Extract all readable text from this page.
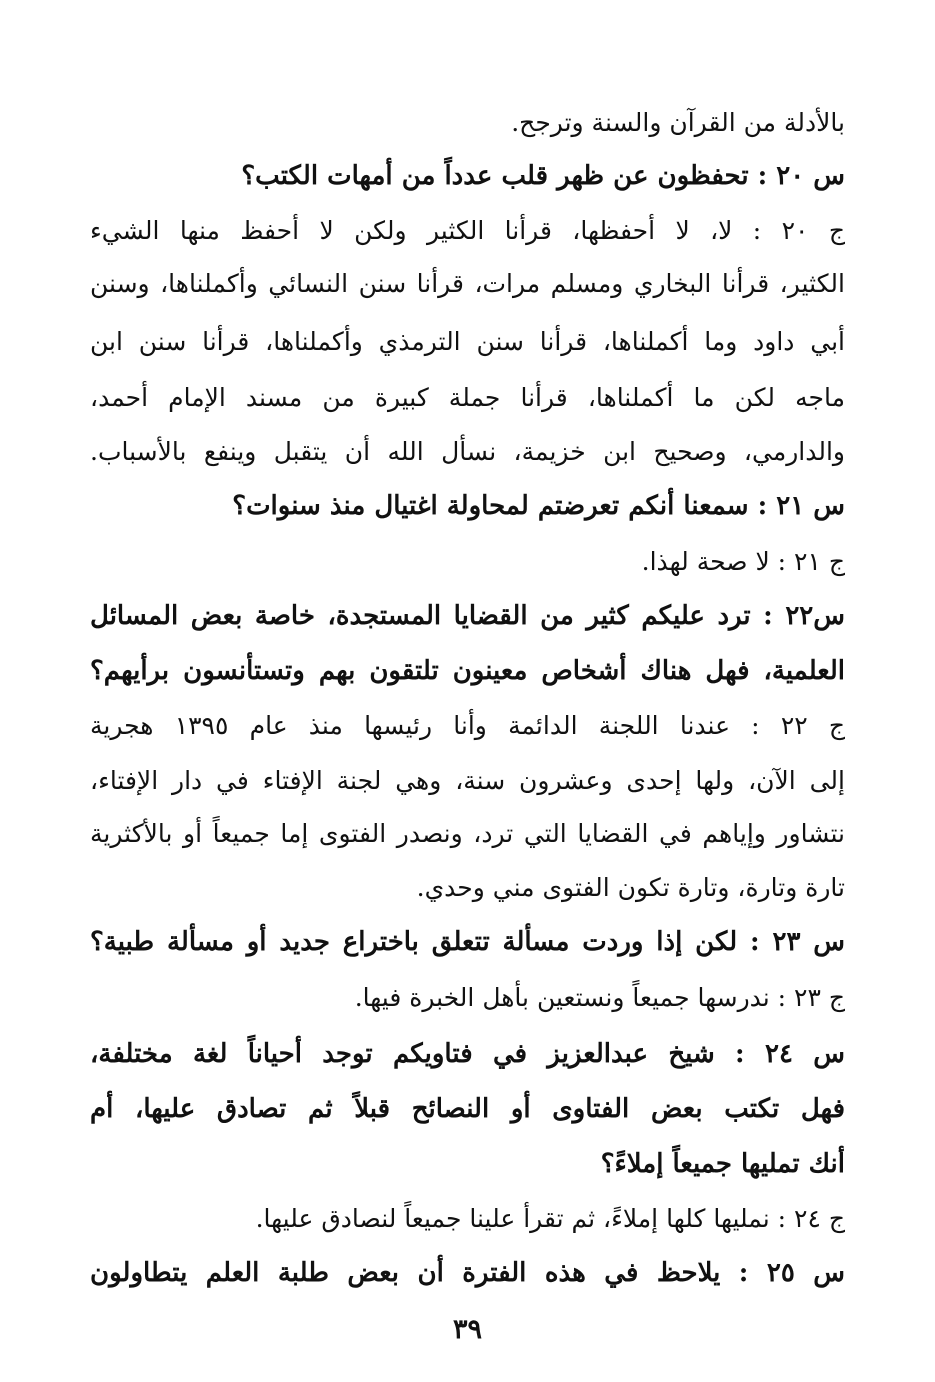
بالأدلة من القرآن والسنة وترجح.
س ٢٠ : تحفظون عن ظهر قلب عدداً من أمهات الكتب؟
ج ٢٠ : لا، لا أحفظها، قرأنا الكثير ولكن لا أحفظ منها الشيء
الكثير، قرأنا البخاري ومسلم مرات، قرأنا سنن النسائي وأكملناها، وسنن
أبي داود وما أكملناها، قرأنا سنن الترمذي وأكملناها، قرأنا سنن ابن
ماجه لكن ما أكملناها، قرأنا جملة كبيرة من مسند الإمام أحمد،
والدارمي، وصحيح ابن خزيمة، نسأل الله أن يتقبل وينفع بالأسباب.
س ٢١ : سمعنا أنكم تعرضتم لمحاولة اغتيال منذ سنوات؟
ج ٢١ : لا صحة لهذا.
س٢٢ : ترد عليكم كثير من القضايا المستجدة، خاصة بعض المسائل
العلمية، فهل هناك أشخاص معينون تلتقون بهم وتستأنسون برأيهم؟
ج ٢٢ : عندنا اللجنة الدائمة وأنا رئيسها منذ عام ١٣٩٥ هجرية
إلى الآن، ولها إحدى وعشرون سنة، وهي لجنة الإفتاء في دار الإفتاء،
نتشاور وإياهم في القضايا التي ترد، ونصدر الفتوى إما جميعاً أو بالأكثرية
تارة وتارة، وتارة تكون الفتوى مني وحدي.
س ٢٣ : لكن إذا وردت مسألة تتعلق باختراع جديد أو مسألة طبية؟
ج ٢٣ : ندرسها جميعاً ونستعين بأهل الخبرة فيها.
س ٢٤ : شيخ عبدالعزيز في فتاويكم توجد أحياناً لغة مختلفة،
فهل تكتب بعض الفتاوى أو النصائح قبلاً ثم تصادق عليها، أم
أنك تمليها جميعاً إملاءً؟
ج ٢٤ : نمليها كلها إملاءً، ثم تقرأ علينا جميعاً لنصادق عليها.
س ٢٥ : يلاحظ في هذه الفترة أن بعض طلبة العلم يتطاولون
٣٩
